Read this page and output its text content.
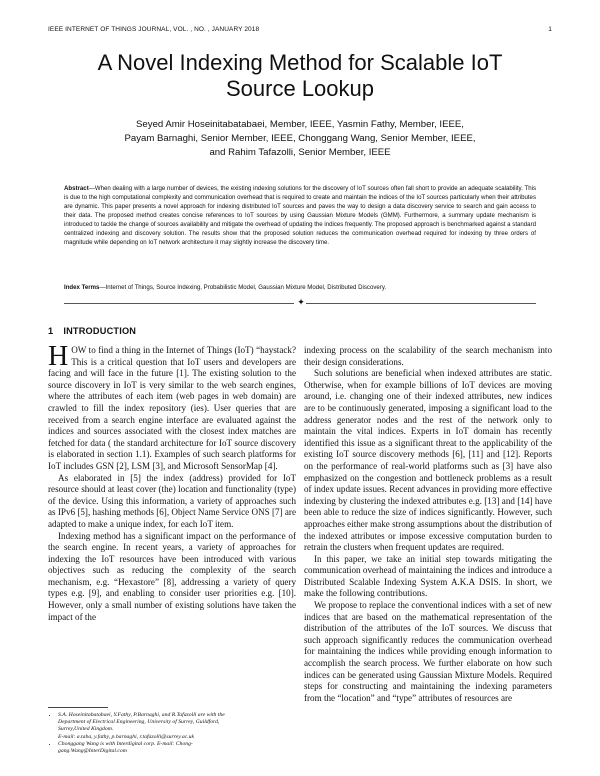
IEEE INTERNET OF THINGS JOURNAL, VOL. , NO. , JANUARY 2018	1
A Novel Indexing Method for Scalable IoT
Source Lookup
Seyed Amir Hoseinitabatabaei, Member, IEEE, Yasmin Fathy, Member, IEEE,
Payam Barnaghi, Senior Member, IEEE, Chonggang Wang, Senior Member, IEEE,
and Rahim Tafazolli, Senior Member, IEEE
Abstract—When dealing with a large number of devices, the existing indexing solutions for the discovery of IoT sources often fall short to provide an adequate scalability. This is due to the high computational complexity and communication overhead that is required to create and maintain the indices of the IoT sources particularly when their attributes are dynamic. This paper presents a novel approach for indexing distributed IoT sources and paves the way to design a data discovery service to search and gain access to their data. The proposed method creates concise references to IoT sources by using Gaussian Mixture Models (GMM). Furthermore, a summary update mechanism is introduced to tackle the change of sources availability and mitigate the overhead of updating the indices frequently. The proposed approach is benchmarked against a standard centralized indexing and discovery solution. The results show that the proposed solution reduces the communication overhead required for indexing by three orders of magnitude while depending on IoT network architecture it may slightly increase the discovery time.
Index Terms—Internet of Things, Source Indexing, Probabilistic Model, Gaussian Mixture Model, Distributed Discovery.
✦
1 INTRODUCTION

HOW to find a thing in the Internet of Things (IoT) “haystack? This is a critical question that IoT users and developers are facing and will face in the future [1]. The existing solution to the source discovery in IoT is very similar to the web search engines, where the attributes of each item (web pages in web domain) are crawled to fill the index repository (ies). User queries that are received from a search engine interface are evaluated against the indices and sources associated with the closest index matches are fetched for data ( the standard architecture for IoT source discovery is elaborated in section 1.1). Examples of such search platforms for IoT includes GSN [2], LSM [3], and Microsoft SensorMap [4].

As elaborated in [5] the index (address) provided for IoT resource should at least cover (the) location and functionality (type) of the device. Using this information, a variety of approaches such as IPv6 [5], hashing methods [6], Object Name Service ONS [7] are adapted to make a unique index, for each IoT item.

Indexing method has a significant impact on the performance of the search engine. In recent years, a variety of approaches for indexing the IoT resources have been introduced with various objectives such as reducing the complexity of the search mechanism, e.g. “Hexastore” [8], addressing a variety of query types e.g. [9], and enabling to consider user priorities e.g. [10]. However, only a small number of existing solutions have taken the impact of the

indexing process on the scalability of the search mechanism into their design considerations.

Such solutions are beneficial when indexed attributes are static. Otherwise, when for example billions of IoT devices are moving around, i.e. changing one of their indexed attributes, new indices are to be continuously generated, imposing a significant load to the address generator nodes and the rest of the network only to maintain the vital indices. Experts in IoT domain has recently identified this issue as a significant threat to the applicability of the existing IoT source discovery methods [6], [11] and [12]. Reports on the performance of real-world platforms such as [3] have also emphasized on the congestion and bottleneck problems as a result of index update issues. Recent advances in providing more effective indexing by clustering the indexed attributes e.g. [13] and [14] have been able to reduce the size of indices significantly. However, such approaches either make strong assumptions about the distribution of the indexed attributes or impose excessive computation burden to retrain the clusters when frequent updates are required.

In this paper, we take an initial step towards mitigating the communication overhead of maintaining the indices and introduce a Distributed Scalable Indexing System A.K.A DSIS. In short, we make the following contributions.

We propose to replace the conventional indices with a set of new indices that are based on the mathematical representation of the distribution of the attributes of the IoT sources. We discuss that such approach significantly reduces the communication overhead for maintaining the indices while providing enough information to accomplish the search process. We further elaborate on how such indices can be generated using Gaussian Mixture Models. Required steps for constructing and maintaining the indexing parameters from the “location” and “type” attributes of resources are

• S.A. Hoseinitabatabaei, Y.Fathy, P.Barnaghi, and R.Tafazolli are with the
Department of Electrical Engineering, University of Surrey, Guildford,
Surrey,United Kingdom.
E-mail: a.taba, y.fathy, p.barnaghi, r.tafazolli@surrey.ac.uk
• Chonggang Wang is with Interdigital corp. E-mail: Chong-
gang.Wang@InterDigital.com
